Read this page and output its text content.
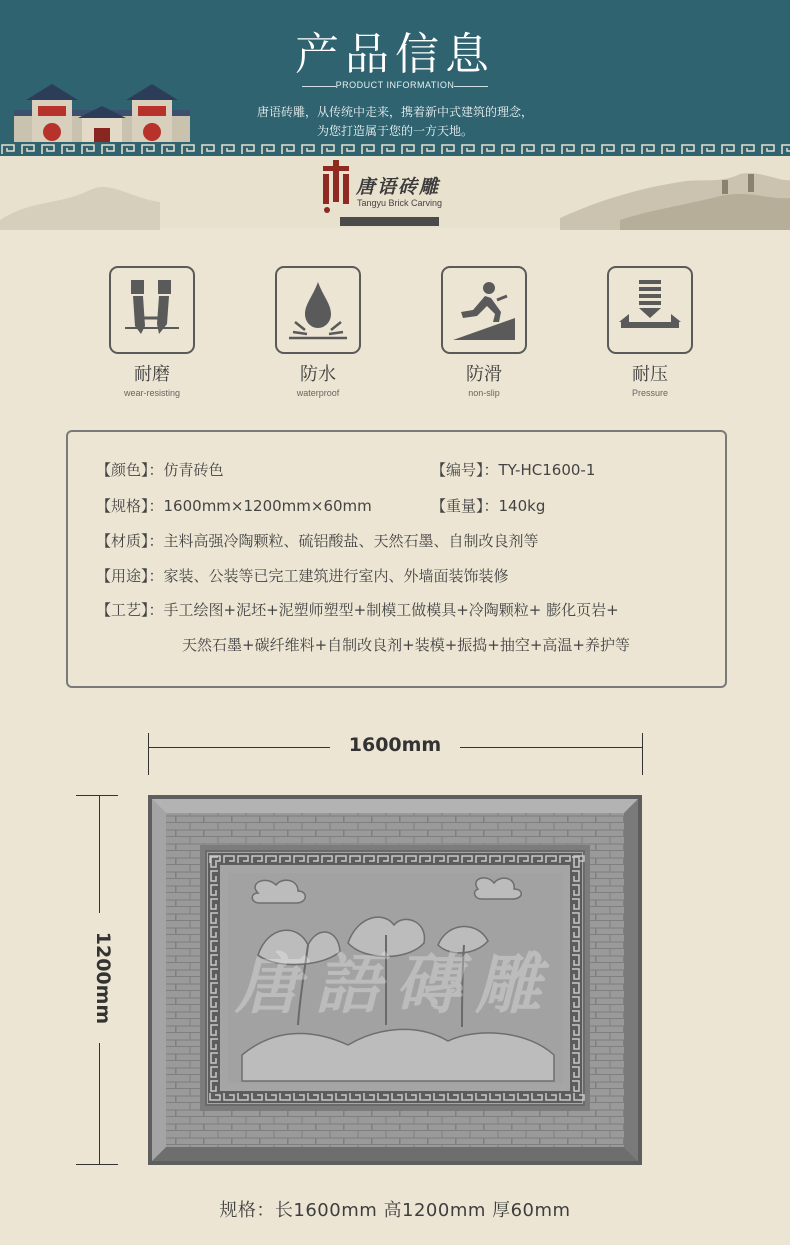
产品信息
PRODUCT INFORMATION
唐语砖雕，从传统中走来，携着新中式建筑的理念，
为您打造属于您的一方天地。
唐语砖雕
Tangyu Brick Carving
耐磨
wear-resisting
防水
waterproof
防滑
non-slip
耐压
Pressure
【颜色】：仿青砖色	【编号】：TY-HC1600-1
【规格】：1600mm×1200mm×60mm	【重量】：140kg
【材质】：主料高强冷陶颗粒、硫铝酸盐、天然石墨、自制改良剂等
【用途】：家装、公装等已完工建筑进行室内、外墙面装饰装修
【工艺】：手工绘图+泥坯+泥塑师塑型+制模工做模具+冷陶颗粒+ 膨化页岩+
天然石墨+碳纤维料+自制改良剂+装模+振捣+抽空+高温+养护等
1600mm
1200mm 唐語磚雕
规格：长1600mm 高1200mm 厚60mm
